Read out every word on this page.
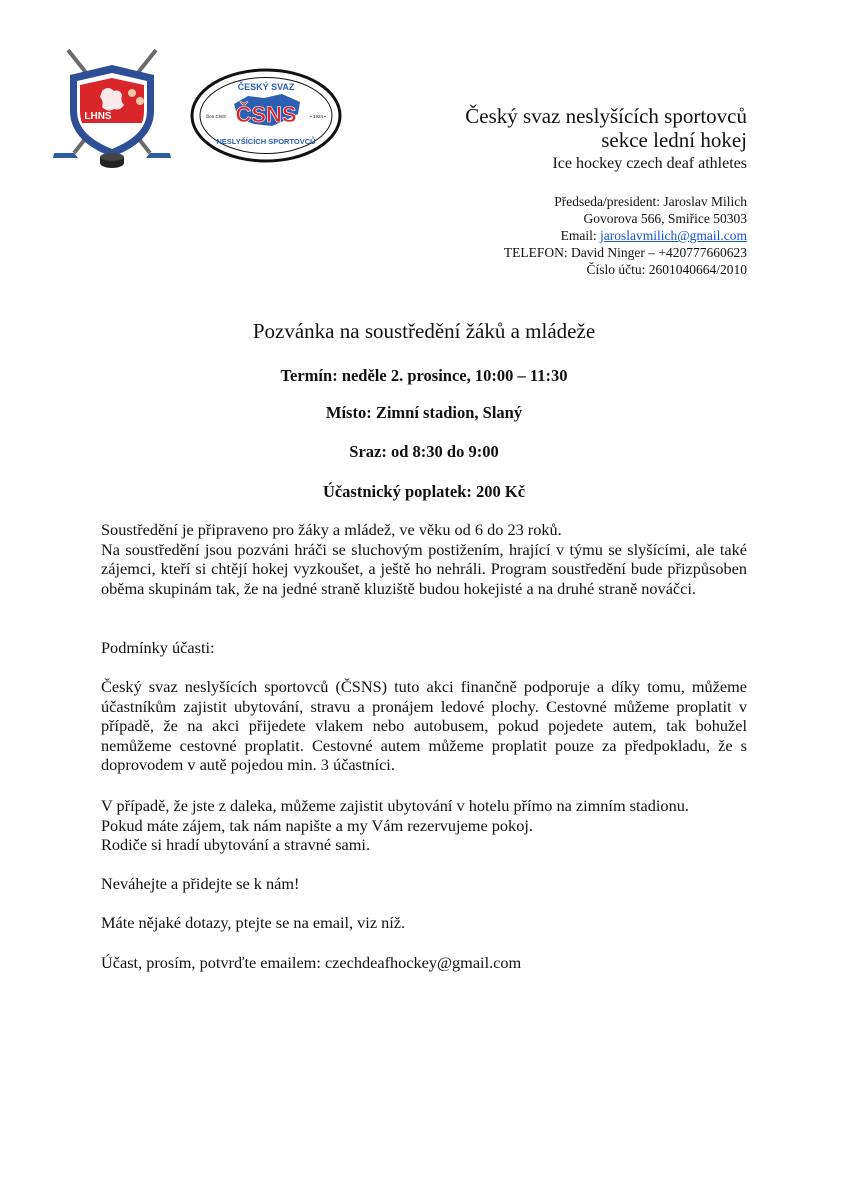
LHNS
ČESKÝ SVAZ
ČSNS
NESLYŠÍCÍCH SPORTOVCŮ
člen CISS	• 1924 •	Český svaz neslyšících sportovců
sekce lední hokej
Ice hockey czech deaf athletes
Předseda/president: Jaroslav Milich
Govorova 566, Smiřice 50303
Email: jaroslavmilich@gmail.com
TELEFON: David Ninger – +420777660623
Číslo účtu: 2601040664/2010
Pozvánka na soustředění žáků a mládeže
Termín: neděle 2. prosince, 10:00 – 11:30
Místo: Zimní stadion, Slaný
Sraz: od 8:30 do 9:00
Účastnický poplatek: 200 Kč
Soustředění je připraveno pro žáky a mládež, ve věku od 6 do 23 roků.
Na soustředění jsou pozváni hráči se sluchovým postižením, hrající v týmu se slyšícími, ale také zájemci, kteří si chtějí hokej vyzkoušet, a ještě ho nehráli. Program soustředění bude přizpůsoben oběma skupinám tak, že na jedné straně kluziště budou hokejisté a na druhé straně nováčci.
Podmínky účasti:
Český svaz neslyšících sportovců (ČSNS) tuto akci finančně podporuje a díky tomu, můžeme účastníkům zajistit ubytování, stravu a pronájem ledové plochy. Cestovné můžeme proplatit v případě, že na akci přijedete vlakem nebo autobusem, pokud pojedete autem, tak bohužel nemůžeme cestovné proplatit. Cestovné autem můžeme proplatit pouze za předpokladu, že s doprovodem v autě pojedou min. 3 účastníci.
V případě, že jste z daleka, můžeme zajistit ubytování v hotelu přímo na zimním stadionu.
Pokud máte zájem, tak nám napište a my Vám rezervujeme pokoj.
Rodiče si hradí ubytování a stravné sami.
Neváhejte a přidejte se k nám!
Máte nějaké dotazy, ptejte se na email, viz níž.
Účast, prosím, potvrďte emailem: czechdeafhockey@gmail.com
